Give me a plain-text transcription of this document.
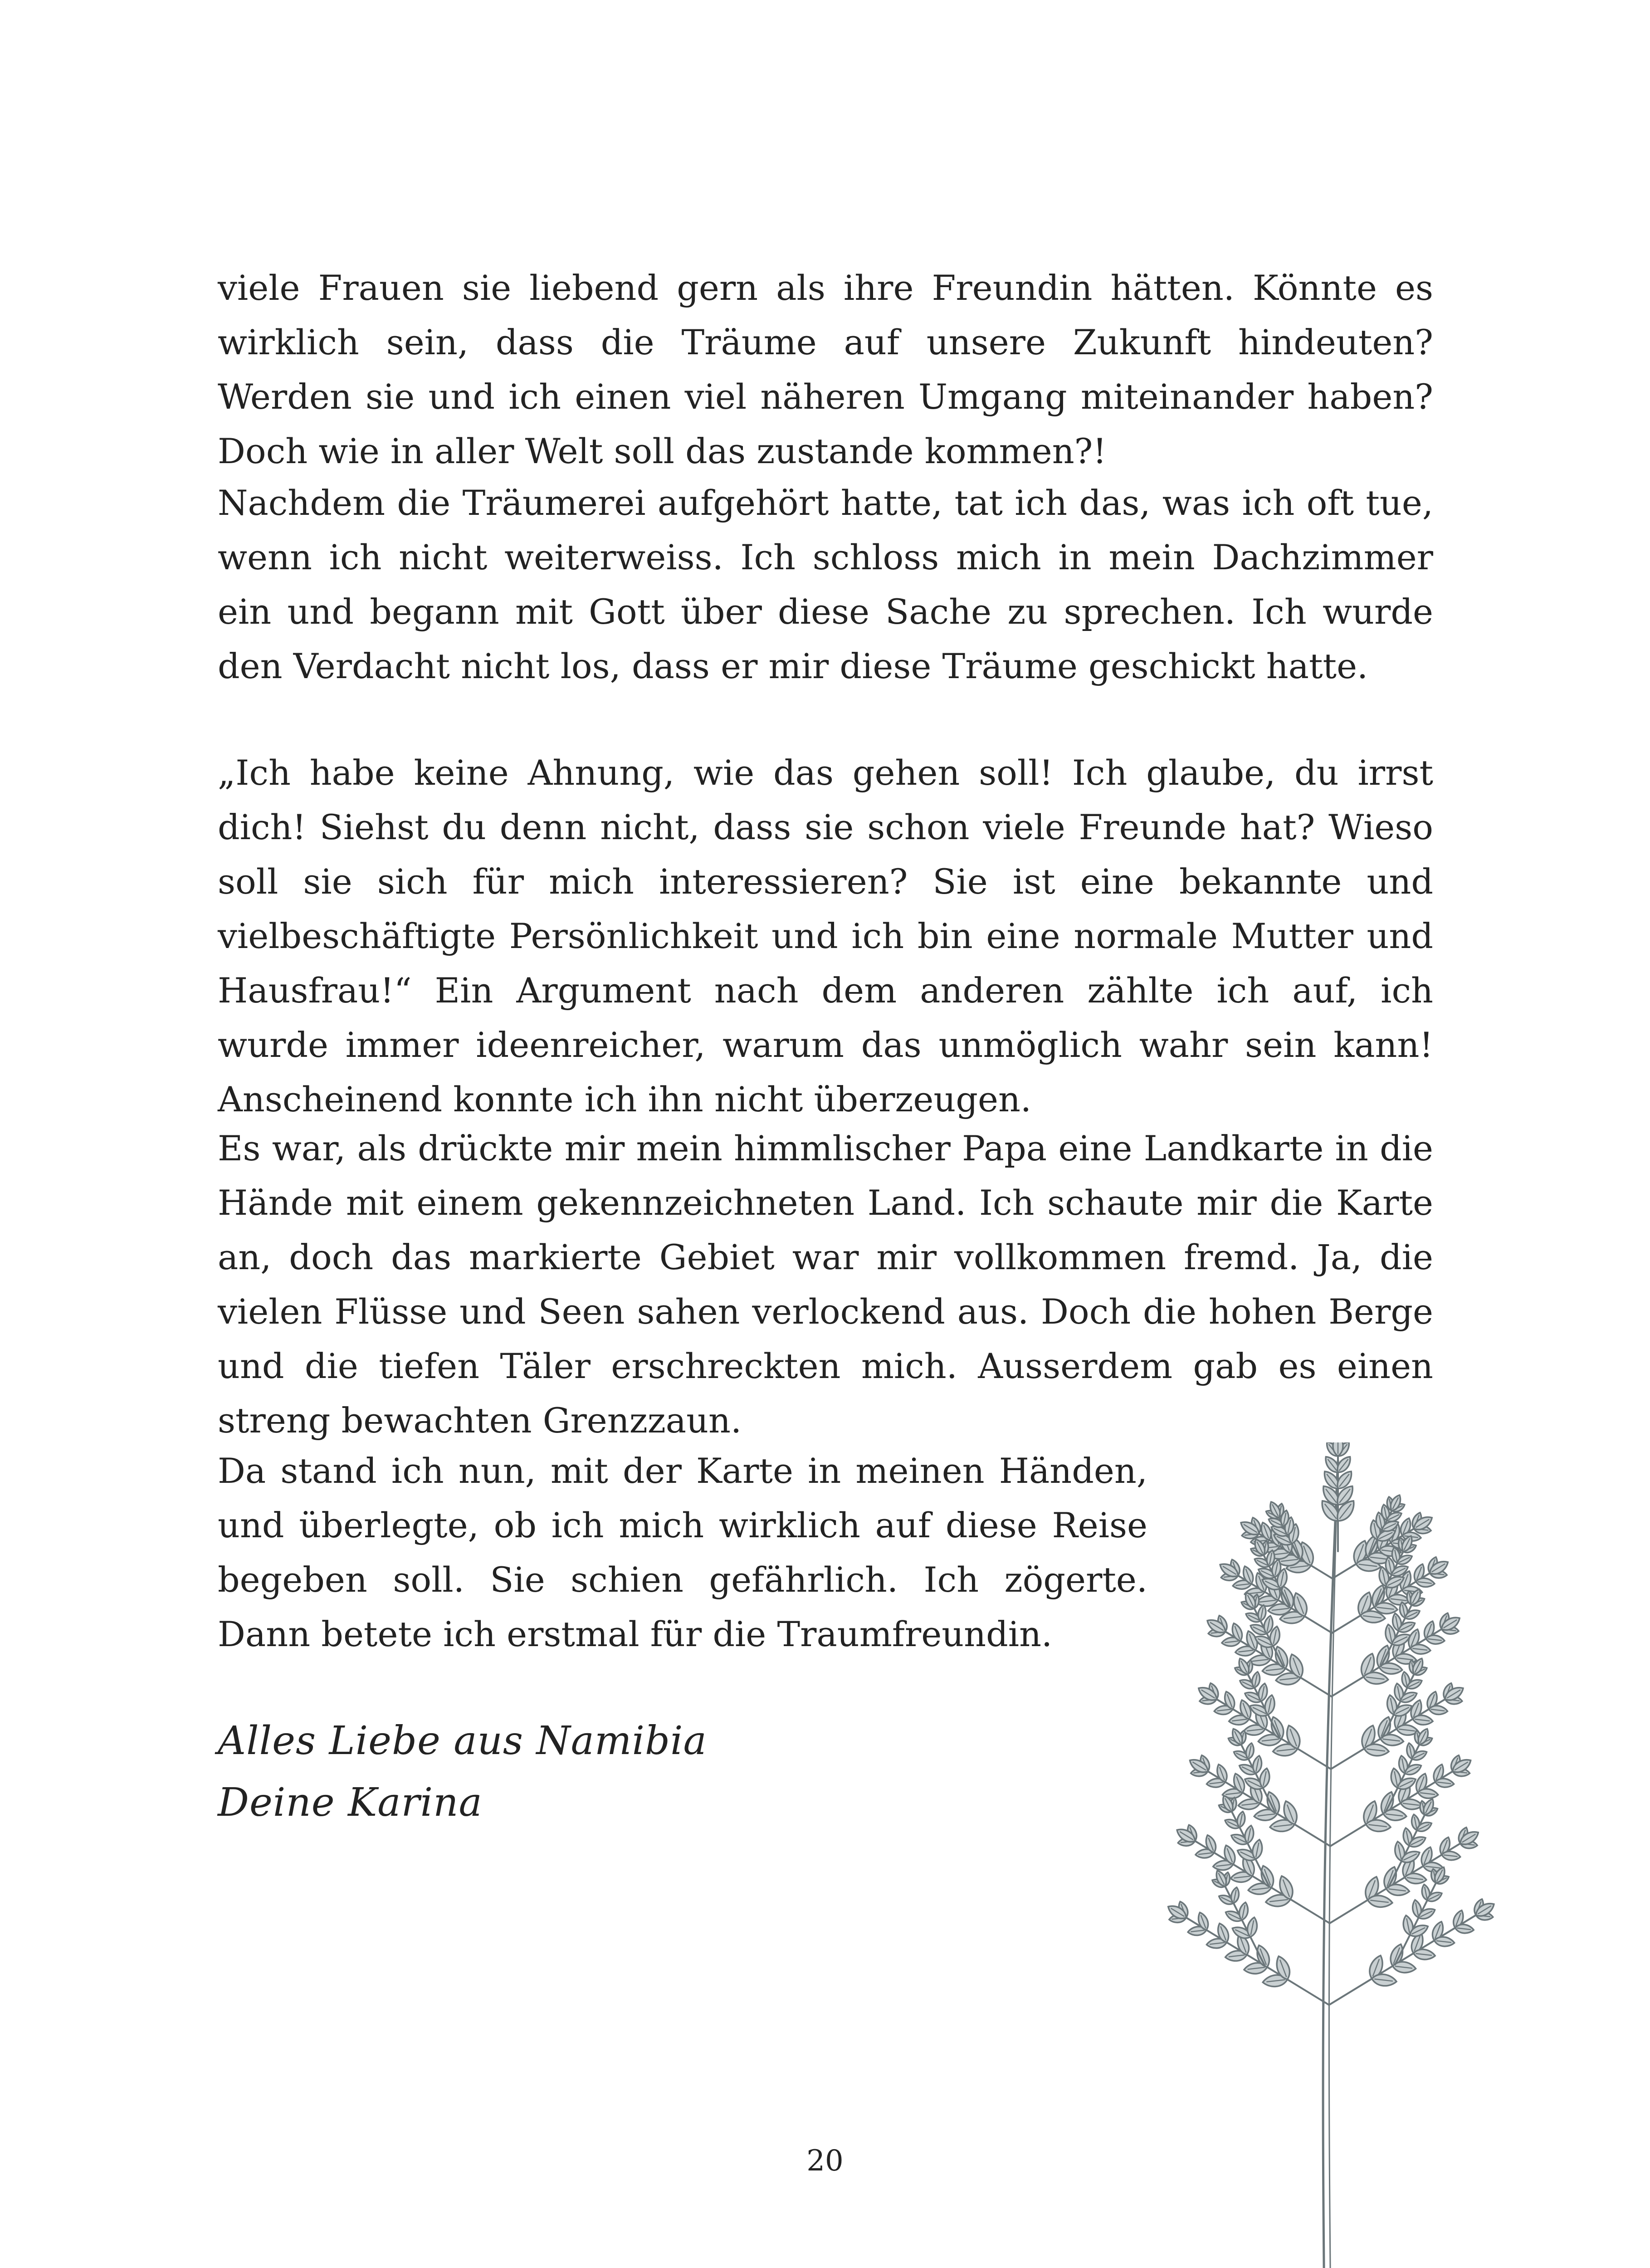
viele Frauen sie liebend gern als ihre Freundin hätten. Könnte es wirklich sein, dass die Träume auf unsere Zukunft hindeuten? Werden sie und ich einen viel näheren Umgang miteinander haben? Doch wie in aller Welt soll das zustande kommen?!

Nachdem die Träumerei aufgehört hatte, tat ich das, was ich oft tue, wenn ich nicht weiterweiss. Ich schloss mich in mein Dachzimmer ein und begann mit Gott über diese Sache zu sprechen. Ich wurde den Verdacht nicht los, dass er mir diese Träume geschickt hatte.

„Ich habe keine Ahnung, wie das gehen soll! Ich glaube, du irrst dich! Siehst du denn nicht, dass sie schon viele Freunde hat? Wieso soll sie sich für mich interessieren? Sie ist eine bekannte und vielbeschäftigte Persönlichkeit und ich bin eine normale Mutter und Hausfrau!“ Ein Argument nach dem anderen zählte ich auf, ich wurde immer ideenreicher, warum das unmöglich wahr sein kann! Anscheinend konnte ich ihn nicht überzeugen.

Es war, als drückte mir mein himmlischer Papa eine Landkarte in die Hände mit einem gekennzeichneten Land. Ich schaute mir die Karte an, doch das markierte Gebiet war mir vollkommen fremd. Ja, die vielen Flüsse und Seen sahen verlockend aus. Doch die hohen Berge und die tiefen Täler erschreckten mich. Ausserdem gab es einen streng bewachten Grenzzaun.

Da stand ich nun, mit der Karte in meinen Händen, und überlegte, ob ich mich wirklich auf diese Reise begeben soll. Sie schien gefährlich. Ich zögerte. Dann betete ich erstmal für die Traumfreundin.

Alles Liebe aus Namibia
Deine Karina
20
